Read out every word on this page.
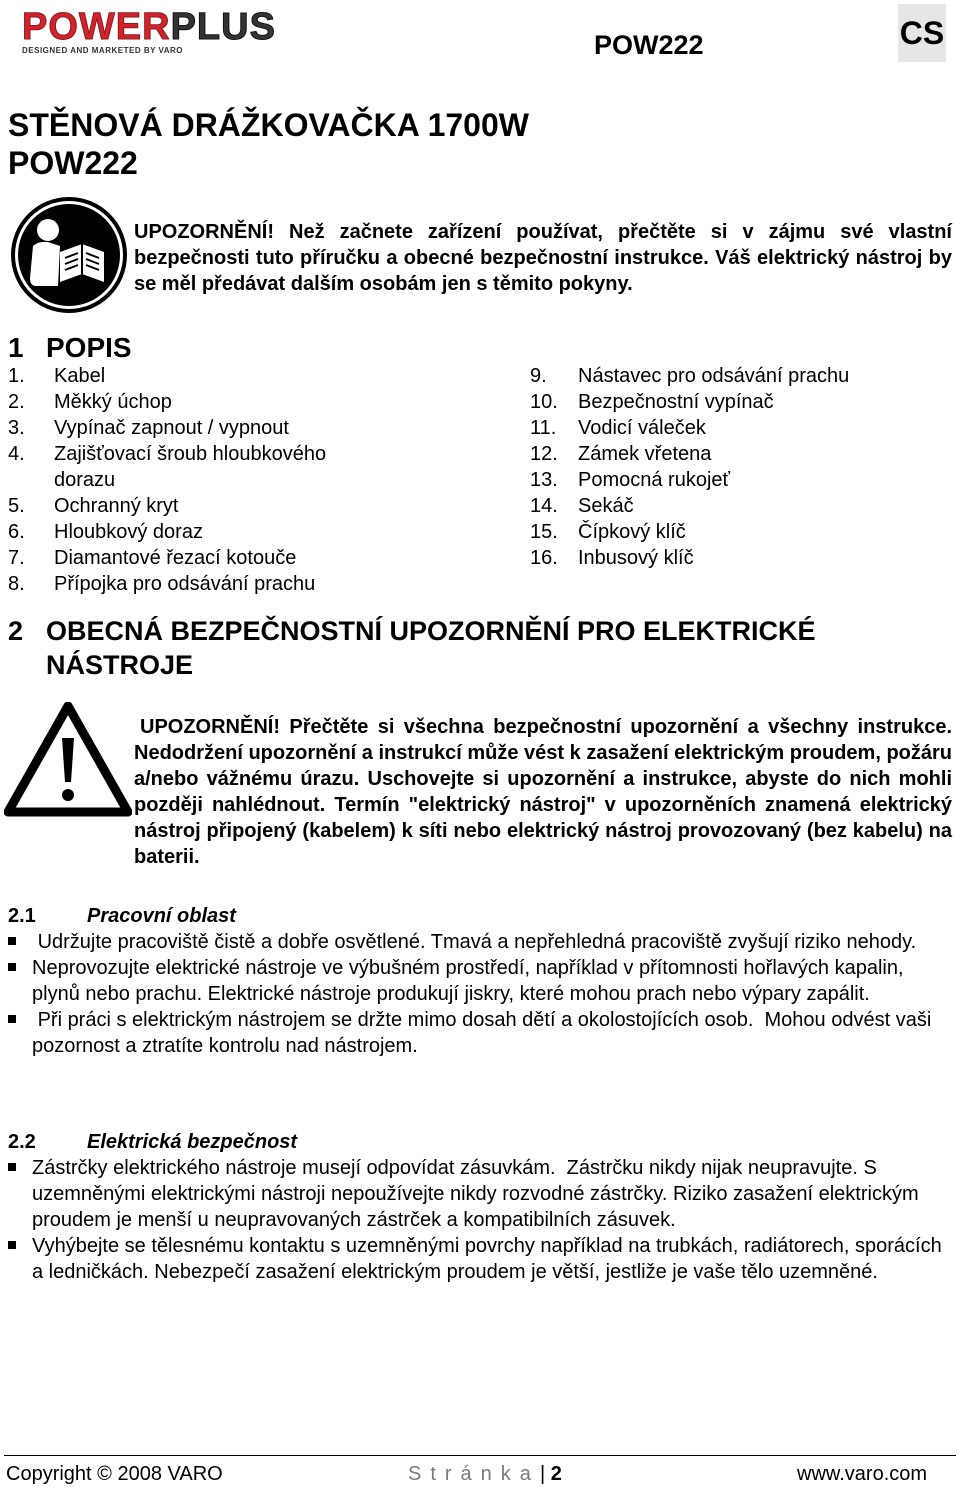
POWERPLUS
DESIGNED AND MARKETED BY VARO	POW222	CS
STĚNOVÁ DRÁŽKOVAČKA 1700W
POW222
UPOZORNĚNÍ! Než začnete zařízení používat, přečtěte si v zájmu své vlastní bezpečnosti tuto příručku a obecné bezpečnostní instrukce. Váš elektrický nástroj by se měl předávat dalším osobám jen s těmito pokyny.
1 POPIS
1.	Kabel
2.	Měkký úchop
3.	Vypínač zapnout / vypnout
4.	Zajišťovací šroub hloubkového dorazu
5.	Ochranný kryt
6.	Hloubkový doraz
7.	Diamantové řezací kotouče
8.	Přípojka pro odsávání prachu
9.	Nástavec pro odsávání prachu
10.	Bezpečnostní vypínač
11.	Vodicí váleček
12.	Zámek vřetena
13.	Pomocná rukojeť
14.	Sekáč
15.	Čípkový klíč
16.	Inbusový klíč
2 OBECNÁ BEZPEČNOSTNÍ UPOZORNĚNÍ PRO ELEKTRICKÉ
NÁSTROJE
UPOZORNĚNÍ! Přečtěte si všechna bezpečnostní upozornění a všechny instrukce. Nedodržení upozornění a instrukcí může vést k zasažení elektrickým proudem, požáru a/nebo vážnému úrazu. Uschovejte si upozornění a instrukce, abyste do nich mohli později nahlédnout. Termín "elektrický nástroj" v upozorněních znamená elektrický nástroj připojený (kabelem) k síti nebo elektrický nástroj provozovaný (bez kabelu) na baterii.
2.1	Pracovní oblast
Udržujte pracoviště čistě a dobře osvětlené. Tmavá a nepřehledná pracoviště zvyšují riziko nehody.
Neprovozujte elektrické nástroje ve výbušném prostředí, například v přítomnosti hořlavých kapalin, plynů nebo prachu. Elektrické nástroje produkují jiskry, které mohou prach nebo výpary zapálit.
Při práci s elektrickým nástrojem se držte mimo dosah dětí a okolostojících osob.  Mohou odvést vaši pozornost a ztratíte kontrolu nad nástrojem.
2.2	Elektrická bezpečnost
Zástrčky elektrického nástroje musejí odpovídat zásuvkám.  Zástrčku nikdy nijak neupravujte. S uzemněnými elektrickými nástroji nepoužívejte nikdy rozvodné zástrčky. Riziko zasažení elektrickým proudem je menší u neupravovaných zástrček a kompatibilních zásuvek.
Vyhýbejte se tělesnému kontaktu s uzemněnými povrchy například na trubkách, radiátorech, sporácích a ledničkách. Nebezpečí zasažení elektrickým proudem je větší, jestliže je vaše tělo uzemněné.
Copyright © 2008 VARO	Stránka| 2	www.varo.com
